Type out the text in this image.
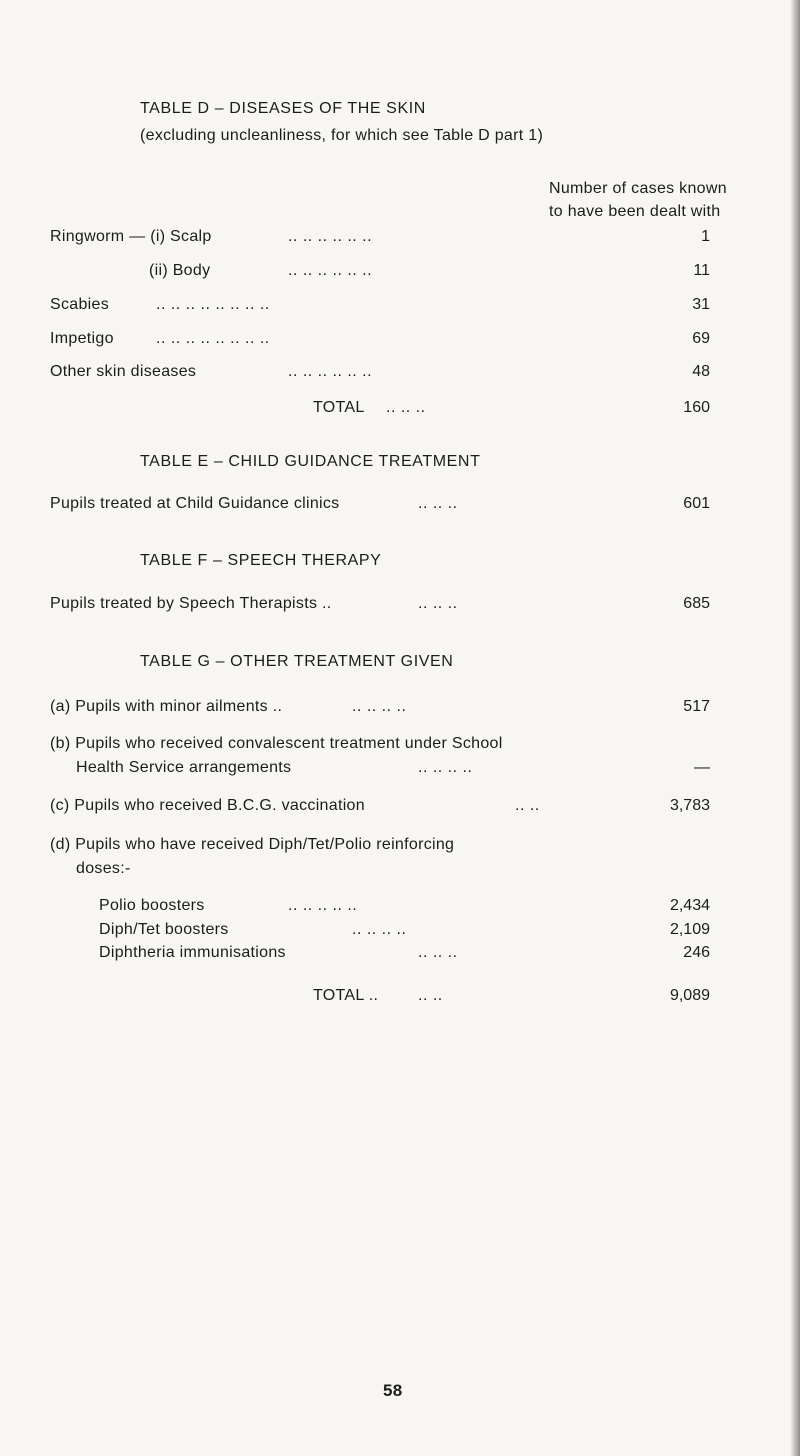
TABLE D – DISEASES OF THE SKIN
(excluding uncleanliness, for which see Table D part 1)
Number of cases known
to have been dealt with
Ringworm — (i) Scalp	.. .. .. .. .. ..	1
(ii) Body	.. .. .. .. .. ..	11
Scabies	.. .. .. .. .. .. .. ..	31
Impetigo	.. .. .. .. .. .. .. ..	69
Other skin diseases	.. .. .. .. .. ..	48
TOTAL .. .. ..	160
TABLE E – CHILD GUIDANCE TREATMENT
Pupils treated at Child Guidance clinics	.. .. ..	601
TABLE F – SPEECH THERAPY
Pupils treated by Speech Therapists ..	.. .. ..	685
TABLE G – OTHER TREATMENT GIVEN
(a) Pupils with minor ailments ..	.. .. .. ..	517
(b) Pupils who received convalescent treatment under School
Health Service arrangements	.. .. .. ..	—
(c) Pupils who received B.C.G. vaccination	.. ..	3,783
(d) Pupils who have received Diph/Tet/Polio reinforcing
doses:-
Polio boosters	.. .. .. .. ..	2,434
Diph/Tet boosters	.. .. .. ..	2,109
Diphtheria immunisations	.. .. ..	246
TOTAL .. .. ..	9,089
58
